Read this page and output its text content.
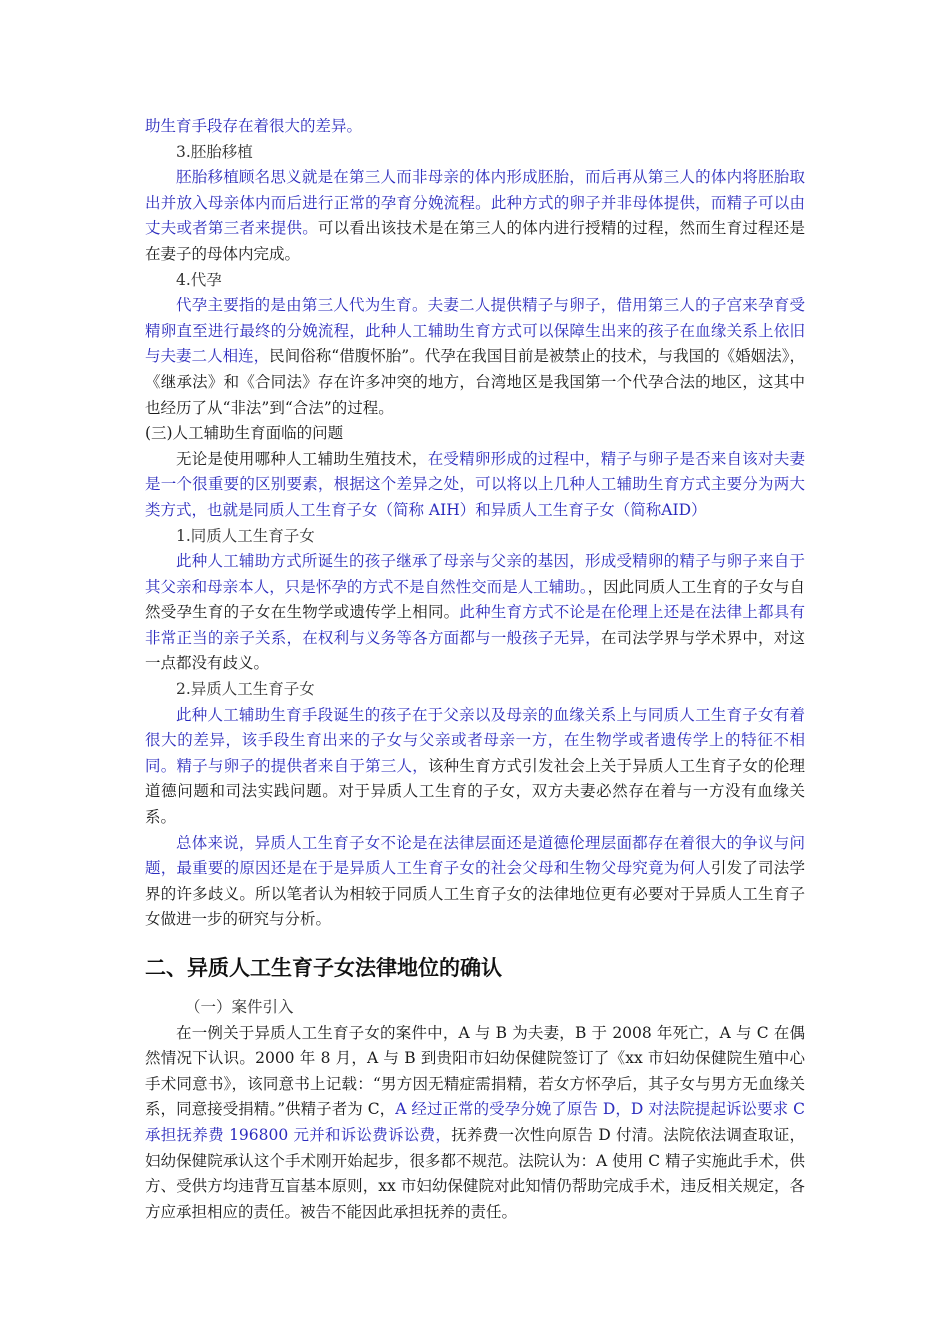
助生育手段存在着很大的差异。

3.胚胎移植

胚胎移植顾名思义就是在第三人而非母亲的体内形成胚胎，而后再从第三人的体内将胚胎取出并放入母亲体内而后进行正常的孕育分娩流程。此种方式的卵子并非母体提供，而精子可以由丈夫或者第三者来提供。可以看出该技术是在第三人的体内进行授精的过程，然而生育过程还是在妻子的母体内完成。

4.代孕

代孕主要指的是由第三人代为生育。夫妻二人提供精子与卵子，借用第三人的子宫来孕育受精卵直至进行最终的分娩流程，此种人工辅助生育方式可以保障生出来的孩子在血缘关系上依旧与夫妻二人相连，民间俗称“借腹怀胎”。代孕在我国目前是被禁止的技术，与我国的《婚姻法》，《继承法》和《合同法》存在许多冲突的地方，台湾地区是我国第一个代孕合法的地区，这其中也经历了从“非法”到“合法”的过程。

(三)人工辅助生育面临的问题

无论是使用哪种人工辅助生殖技术，在受精卵形成的过程中，精子与卵子是否来自该对夫妻是一个很重要的区别要素，根据这个差异之处，可以将以上几种人工辅助生育方式主要分为两大类方式，也就是同质人工生育子女（简称 AIH）和异质人工生育子女（简称AID）

1.同质人工生育子女

此种人工辅助方式所诞生的孩子继承了母亲与父亲的基因，形成受精卵的精子与卵子来自于其父亲和母亲本人，只是怀孕的方式不是自然性交而是人工辅助。，因此同质人工生育的子女与自然受孕生育的子女在生物学或遗传学上相同。此种生育方式不论是在伦理上还是在法律上都具有非常正当的亲子关系，在权利与义务等各方面都与一般孩子无异，在司法学界与学术界中，对这一点都没有歧义。

2.异质人工生育子女

此种人工辅助生育手段诞生的孩子在于父亲以及母亲的血缘关系上与同质人工生育子女有着很大的差异，该手段生育出来的子女与父亲或者母亲一方，在生物学或者遗传学上的特征不相同。精子与卵子的提供者来自于第三人，该种生育方式引发社会上关于异质人工生育子女的伦理道德问题和司法实践问题。对于异质人工生育的子女，双方夫妻必然存在着与一方没有血缘关系。

总体来说，异质人工生育子女不论是在法律层面还是道德伦理层面都存在着很大的争议与问题，最重要的原因还是在于是异质人工生育子女的社会父母和生物父母究竟为何人引发了司法学界的许多歧义。所以笔者认为相较于同质人工生育子女的法律地位更有必要对于异质人工生育子女做进一步的研究与分析。

二、异质人工生育子女法律地位的确认

（一）案件引入

在一例关于异质人工生育子女的案件中，A 与 B 为夫妻，B 于 2008 年死亡，A 与 C 在偶然情况下认识。2000 年 8 月，A 与 B 到贵阳市妇幼保健院签订了《xx 市妇幼保健院生殖中心手术同意书》，该同意书上记载：“男方因无精症需捐精，若女方怀孕后，其子女与男方无血缘关系，同意接受捐精。”供精子者为 C，A 经过正常的受孕分娩了原告 D，D 对法院提起诉讼要求 C 承担抚养费 196800 元并和诉讼费诉讼费，抚养费一次性向原告 D 付清。法院依法调查取证，妇幼保健院承认这个手术刚开始起步，很多都不规范。法院认为：A 使用 C 精子实施此手术，供方、受供方均违背互盲基本原则，xx 市妇幼保健院对此知情仍帮助完成手术，违反相关规定，各方应承担相应的责任。被告不能因此承担抚养的责任。
